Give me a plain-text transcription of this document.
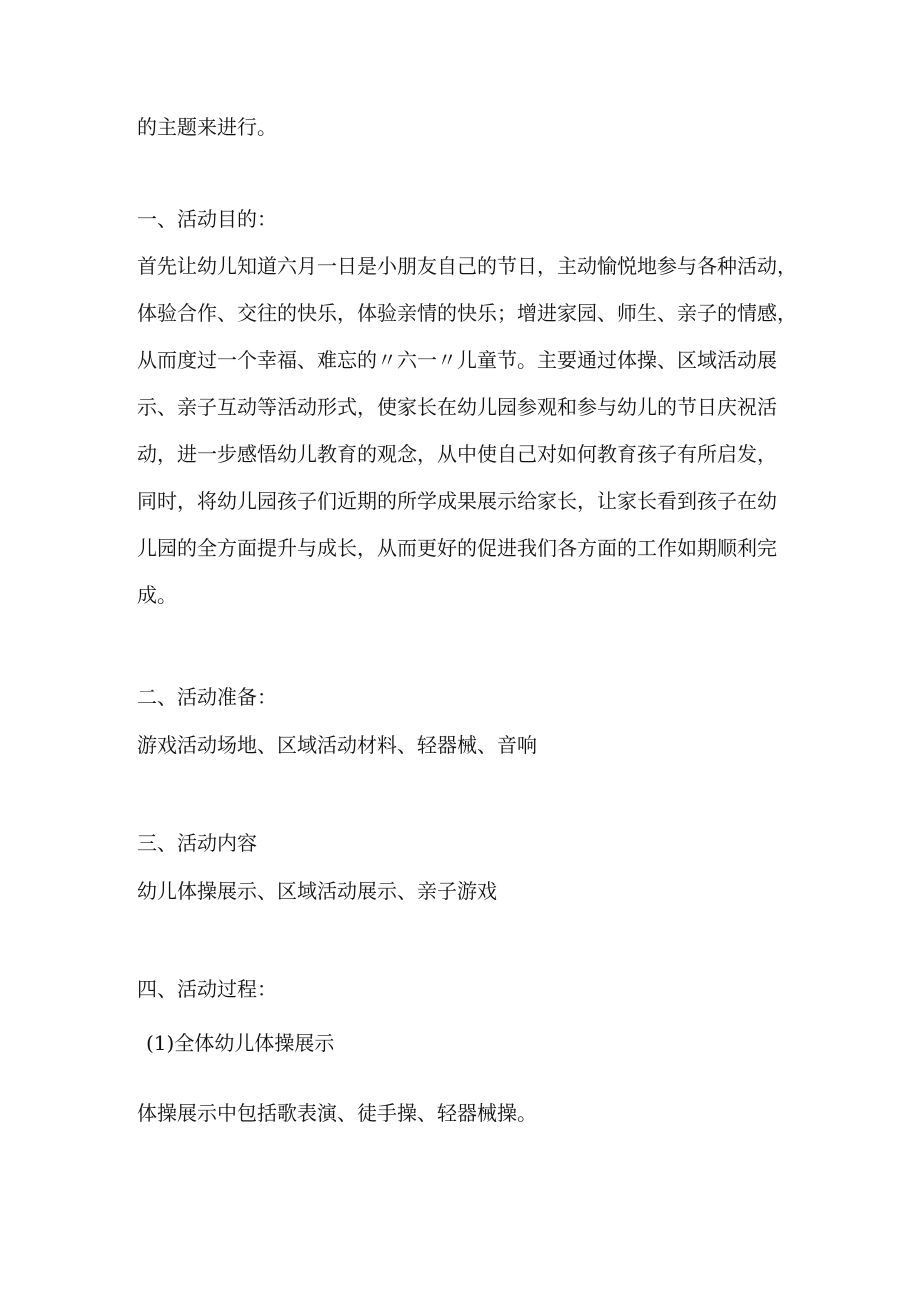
的主题来进行。

一、活动目的：

首先让幼儿知道六月一日是小朋友自己的节日，主动愉悦地参与各种活动，

体验合作、交往的快乐，体验亲情的快乐；增进家园、师生、亲子的情感，

从而度过一个幸福、难忘的〃六一〃儿童节。主要通过体操、区域活动展

示、亲子互动等活动形式，使家长在幼儿园参观和参与幼儿的节日庆祝活

动，进一步感悟幼儿教育的观念，从中使自己对如何教育孩子有所启发，

同时，将幼儿园孩子们近期的所学成果展示给家长，让家长看到孩子在幼

儿园的全方面提升与成长，从而更好的促进我们各方面的工作如期顺利完

成。

二、活动准备：

游戏活动场地、区域活动材料、轻器械、音响

三、活动内容

幼儿体操展示、区域活动展示、亲子游戏

四、活动过程：

(1)全体幼儿体操展示

体操展示中包括歌表演、徒手操、轻器械操。
